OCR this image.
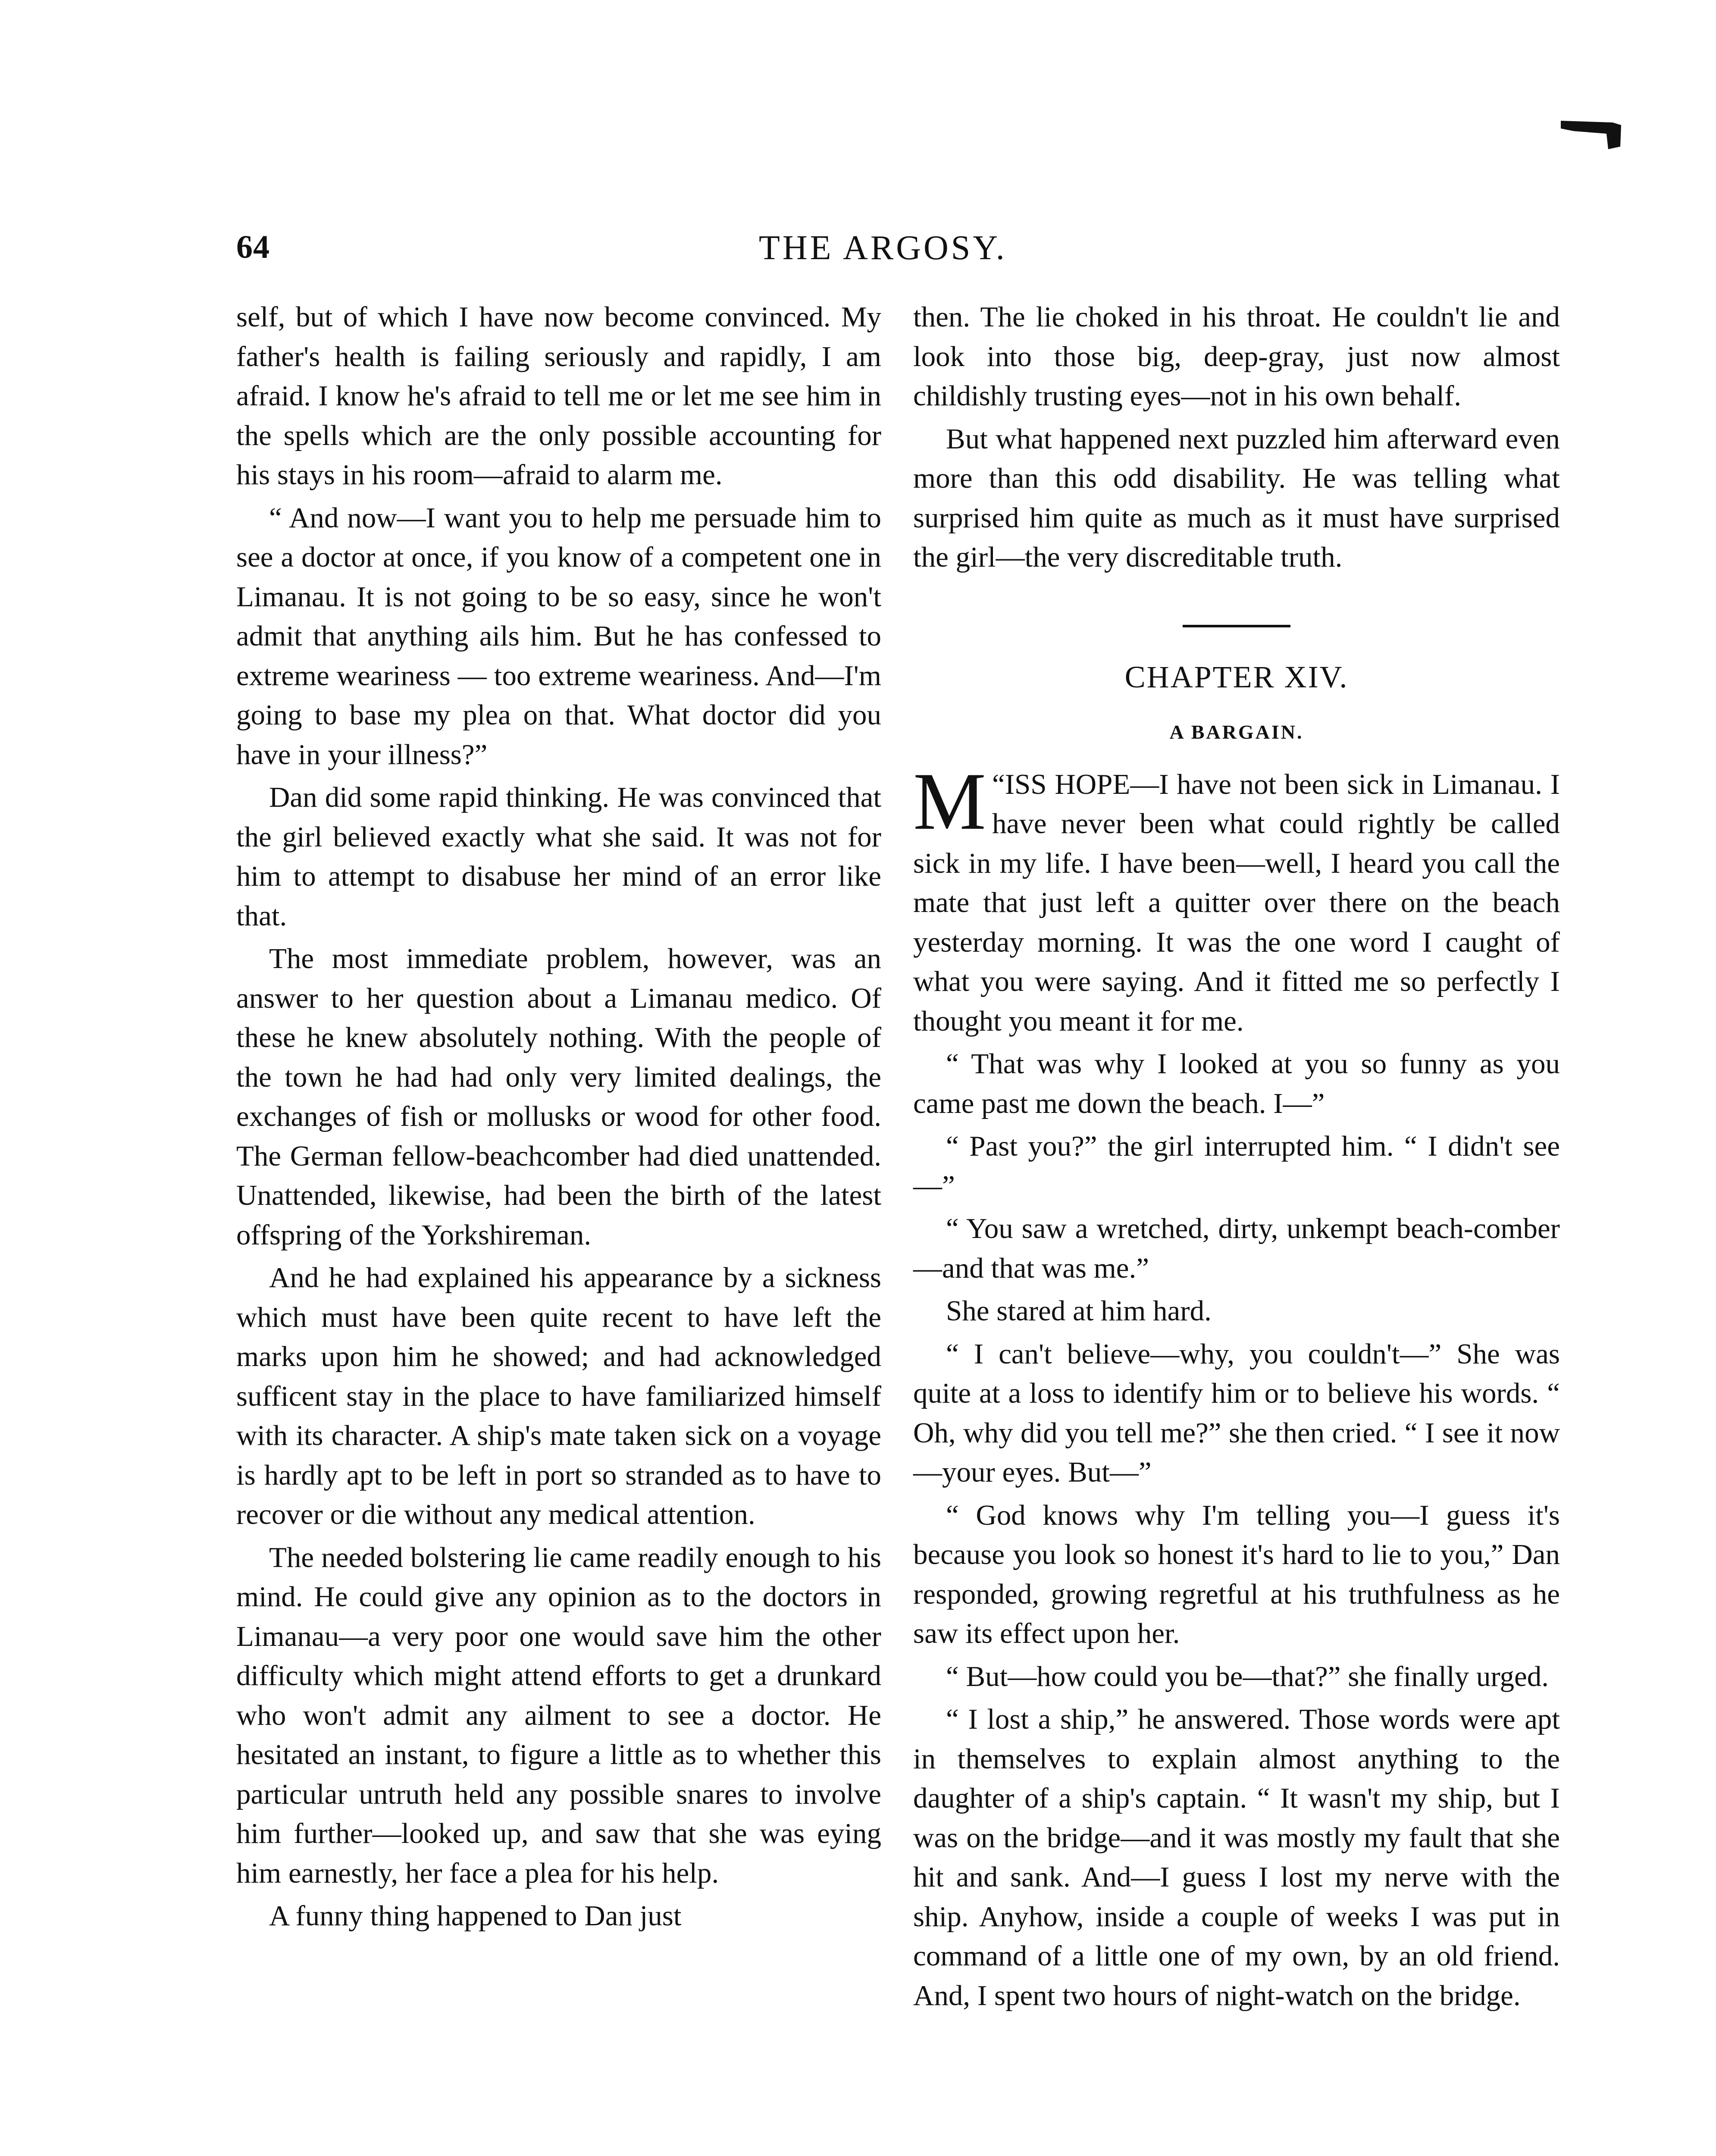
64	THE ARGOSY.

self, but of which I have now become convinced. My father's health is failing seriously and rapidly, I am afraid. I know he's afraid to tell me or let me see him in the spells which are the only possible accounting for his stays in his room—afraid to alarm me.

“ And now—I want you to help me persuade him to see a doctor at once, if you know of a competent one in Limanau. It is not going to be so easy, since he won't admit that anything ails him. But he has confessed to extreme weariness — too extreme weariness. And—I'm going to base my plea on that. What doctor did you have in your illness?”

Dan did some rapid thinking. He was convinced that the girl believed exactly what she said. It was not for him to attempt to disabuse her mind of an error like that.

The most immediate problem, however, was an answer to her question about a Limanau medico. Of these he knew absolutely nothing. With the people of the town he had had only very limited dealings, the exchanges of fish or mollusks or wood for other food. The German fellow-beachcomber had died unattended. Unattended, likewise, had been the birth of the latest offspring of the Yorkshireman.

And he had explained his appearance by a sickness which must have been quite recent to have left the marks upon him he showed; and had acknowledged sufficent stay in the place to have familiarized himself with its character. A ship's mate taken sick on a voyage is hardly apt to be left in port so stranded as to have to recover or die without any medical attention.

The needed bolstering lie came readily enough to his mind. He could give any opinion as to the doctors in Limanau—a very poor one would save him the other difficulty which might attend efforts to get a drunkard who won't admit any ailment to see a doctor. He hesitated an instant, to figure a little as to whether this particular untruth held any possible snares to involve him further—looked up, and saw that she was eying him earnestly, her face a plea for his help.

A funny thing happened to Dan just

then. The lie choked in his throat. He couldn't lie and look into those big, deep-gray, just now almost childishly trusting eyes—not in his own behalf.

But what happened next puzzled him afterward even more than this odd disability. He was telling what surprised him quite as much as it must have surprised the girl—the very discreditable truth.

CHAPTER XIV.
A BARGAIN.

“
M ISS HOPE—I have not been sick in Limanau. I have never been what could rightly be called sick in my life. I have been—well, I heard you call the mate that just left a quitter over there on the beach yesterday morning. It was the one word I caught of what you were saying. And it fitted me so perfectly I thought you meant it for me.

“ That was why I looked at you so funny as you came past me down the beach. I—”

“ Past you?” the girl interrupted him. “ I didn't see—”

“ You saw a wretched, dirty, unkempt beach-comber—and that was me.”

She stared at him hard.

“ I can't believe—why, you couldn't—” She was quite at a loss to identify him or to believe his words. “ Oh, why did you tell me?” she then cried. “ I see it now—your eyes. But—”

“ God knows why I'm telling you—I guess it's because you look so honest it's hard to lie to you,” Dan responded, growing regretful at his truthfulness as he saw its effect upon her.

“ But—how could you be—that?” she finally urged.

“ I lost a ship,” he answered. Those words were apt in themselves to explain almost anything to the daughter of a ship's captain. “ It wasn't my ship, but I was on the bridge—and it was mostly my fault that she hit and sank. And—I guess I lost my nerve with the ship. Anyhow, inside a couple of weeks I was put in command of a little one of my own, by an old friend. And, I spent two hours of night-watch on the bridge.
